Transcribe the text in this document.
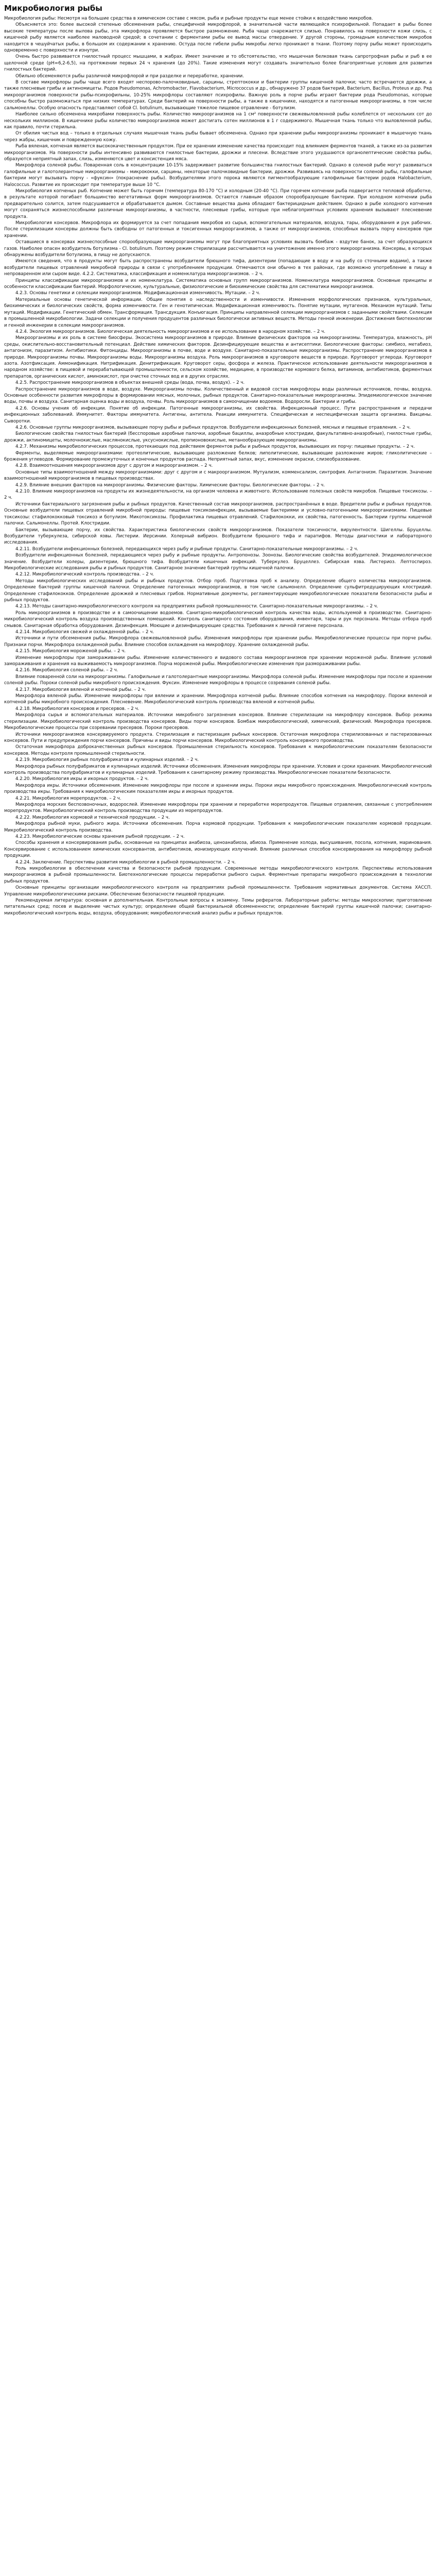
Микробиология рыбы

Микробиология рыбы: Несмотря на большие средства в химическом составе с мясом, рыба и рыбные продукты еще менее стойки к воздействию микробов.

Объясняется это: более высокой степенью обсеменения рыбы, специфичной микрофлорой, в значительной части являющейся психрофильной. Попадает в рыбы более высокие температуры после вылова рыбы, эта микрофлора проявляется быстрое размножение. Рыба чаще снарежается слизью. Понравилось на поверхности кожи слизь, с кишечной рыбу является наиболее маловодной средой; в сочетании с ферментами рыбы ее вывод массы отвердение. У другой стороны, громадным количеством микробов находится в чешуйчатых рыбы, в большом их содержании к хранению. Остуда после гибели рыбы микробы легко проникают в ткани. Поэтому порчу рыбы может происходить одновременно с поверхности и изнутри.

Очень быстро развивается гнилостный процесс мышцами, в жабрах. Имеет значение и то обстоятельство, что мышечная белковая ткань сапротрофная рыбы и рыб в ее щелочной среде (pH=6,2-6,5), на протяжении первых 24 ч хранения (до 20%). Такие изменения могут создавать значительно более благоприятные условия для развития гнилостных бактерий.

Обильно обсеменяются рыбы различной микрофлорой и при разделке и переработке, хранении.

В составе микрофлоры рыбы чаще всего входят неспорово-палочковидные, сарцины, стрептококки и бактерии группы кишечной палочки; часто встречаются дрожжи, а также плесневые грибы и актиномицеты. Родов Pseudomonas, Achromobacter, Flavobacterium, Micrococcus и др., обнаружено 37 родов бактерий, Bacterium, Bacillus, Proteus и др. Ряд микроорганизмов поверхности рыбы-психрофильны, 10-25% микрофлоры составляют психрофилы. Важную роль в порче рыбы играют бактерии рода Pseudomonas, которые способны быстро размножаться при низких температурах. Среди бактерий на поверхности рыбы, а также в кишечнике, находятся и патогенные микроорганизмы, в том числе сальмонеллы. Особую опасность представляют собой Cl. botulinum, вызывающие тяжелое пищевое отравление - ботулизм.

Наиболее сильно обсеменена микробами поверхность рыбы. Количество микроорганизмов на 1 см² поверхности свежевыловленной рыбы колеблется от нескольких сот до нескольких миллионов. В кишечнике рыбы количество микроорганизмов может достигать сотен миллионов в 1 г содержимого. Мышечная ткань только что выловленной рыбы, как правило, почти стерильна.

От обилия чистых вод – только в отдельных случаях мышечная ткань рыбы бывает обсеменена. Однако при хранении рыбы микроорганизмы проникают в мышечную ткань через жабры, кишечник и поврежденную кожу.

Рыба вяленая, копченая является высококачественным продуктом. При ее хранении изменение качества происходит под влиянием ферментов тканей, а также из-за развития микроорганизмов. На поверхности рыбы интенсивно развиваются гнилостные бактерии, дрожжи и плесени. Вследствие этого ухудшаются органолептические свойства рыбы, образуются неприятный запах, слизь, изменяются цвет и консистенция мяса.

Микрофлора соленой рыбы. Поваренная соль в концентрации 10-15% задерживает развитие большинства гнилостных бактерий. Однако в соленой рыбе могут развиваться галофильные и галотолерантные микроорганизмы - микрококки, сарцины, некоторые палочковидные бактерии, дрожжи. Развиваясь на поверхности соленой рыбы, галофильные бактерии могут вызывать порчу - «фуксин» (покраснение рыбы). Возбудителями этого порока являются пигментообразующие галофильные бактерии родов Halobacterium, Halococcus. Развитие их происходит при температуре выше 10 °С.

Микробиология копченых рыб. Копчение может быть горячим (температура 80-170 °С) и холодным (20-40 °С). При горячем копчении рыба подвергается тепловой обработке, в результате которой погибает большинство вегетативных форм микроорганизмов. Остаются главным образом спорообразующие бактерии. При холодном копчении рыба предварительно солится, затем подсушивается и обрабатывается дымом. Составные вещества дыма обладают бактерицидным действием. Однако в рыбе холодного копчения могут сохраняться жизнеспособными различные микроорганизмы, в частности, плесневые грибы, которые при неблагоприятных условиях хранения вызывают плесневение продукта.

Микробиология консервов. Микрофлора их формируется за счет попадания микробов из сырья, вспомогательных материалов, воздуха, тары, оборудования и рук рабочих. После стерилизации консервы должны быть свободны от патогенных и токсигенных микроорганизмов, а также от микроорганизмов, способных вызвать порчу консервов при хранении.

Оставшиеся в консервах жизнеспособные спорообразующие микроорганизмы могут при благоприятных условиях вызвать бомбаж - вздутие банок, за счет образующихся газов. Наиболее опасен возбудитель ботулизма - Cl. botulinum. Поэтому режим стерилизации рассчитывается на уничтожение именно этого микроорганизма. Консервы, в которых обнаружены возбудители ботулизма, в пищу не допускаются.

Имеются сведения, что в продукты могут быть распространены возбудители брюшного тифа, дизентерии (попадающие в воду и на рыбу со сточными водами), а также возбудители пищевых отравлений микробной природы в связи с употреблением продукции. Отмечаются они обычно в тех районах, где возможно употребление в пищу в непроваренном или сыром виде. 4.2.2. Систематика, классификация и номенклатура микроорганизмов. – 2 ч.

Принципы классификации микроорганизмов и их номенклатура. Систематика основных групп микроорганизмов. Номенклатура микроорганизмов. Основные принципы и особенности классификации бактерий. Морфологические, культуральные, физиологические и биохимические свойства для систематики микроорганизмов.

4.2.3. Основы генетики и селекции микроорганизмов. Модификационная изменчивость. Мутации. – 2 ч.

Материальные основы генетической информации. Общие понятия о наследственности и изменчивости. Изменения морфологических признаков, культуральных, биохимических и биологических свойств, форма изменчивости. Ген и генотипическая. Модификационная изменчивость. Понятие мутации, мутагенов. Механизм мутаций. Типы мутаций. Модификации. Генетический обмен. Трансформация. Трансдукция. Конъюгация. Принципы направленной селекции микроорганизмов с заданными свойствами. Селекция в промышленной микробиологии. Задачи селекции и получения продуцентов различных биологически активных веществ. Методы генной инженерии. Достижения биотехнологии и генной инженерии в селекции микроорганизмов.

4.2.4. Экология микроорганизмов. Биологическая деятельность микроорганизмов и ее использование в народном хозяйстве. – 2 ч.

Микроорганизмы и их роль в системе биосферы. Экосистема микроорганизмов в природе. Влияние физических факторов на микроорганизмы. Температура, влажность, pH среды, окислительно-восстановительный потенциал. Действие химических факторов. Дезинфицирующие вещества и антисептики. Биологические факторы: симбиоз, метабиоз, антагонизм, паразитизм. Антибиотики. Фитонциды. Микроорганизмы в почве, воде и воздухе. Санитарно-показательные микроорганизмы. Распространение микроорганизмов в природе. Микроорганизмы почвы. Микроорганизмы воды. Микроорганизмы воздуха. Роль микроорганизмов в круговороте веществ в природе. Круговорот углерода. Круговорот азота. Азотфиксация. Аммонификация. Нитрификация. Денитрификация. Круговорот серы, фосфора и железа. Практическое использование деятельности микроорганизмов в народном хозяйстве: в пищевой и перерабатывающей промышленности, сельском хозяйстве, медицине, в производстве кормового белка, витаминов, антибиотиков, ферментных препаратов, органических кислот, аминокислот, при очистке сточных вод и в других отраслях.

4.2.5. Распространение микроорганизмов в объектах внешней среды (вода, почва, воздух). – 2 ч.

Распространение микроорганизмов в воде, воздухе. Микроорганизмы почвы. Количественный и видовой состав микрофлоры воды различных источников, почвы, воздуха. Основные особенности развития микрофлоры в формировании мясных, молочных, рыбных продуктов. Санитарно-показательные микроорганизмы. Эпидемиологическое значение воды, почвы и воздуха. Санитарная оценка воды и воздуха, почвы. Роль микроорганизмов в самоочищении водоемов. Водоросли. Бактерии и грибы.

4.2.6. Основы учения об инфекции. Понятие об инфекции. Патогенные микроорганизмы, их свойства. Инфекционный процесс. Пути распространения и передачи инфекционных заболеваний. Иммунитет. Факторы иммунитета. Антигены, антитела. Реакции иммунитета. Специфическая и неспецифическая защита организма. Вакцины. Сыворотки.

4.2.6. Основные группы микроорганизмов, вызывающие порчу рыбы и рыбных продуктов. Возбудители инфекционных болезней, мясных и пищевые отравления. – 2 ч.

Биологические свойства гнилостных бактерий (бесспоровые аэробные палочки, аэробные бациллы, анаэробные клостридии, факультативно-анаэробные), гнилостные грибы, дрожжи, актиномицеты, молочнокислые, маслянокислые, уксуснокислые, пропионовокислые, метанообразующие микроорганизмы.

4.2.7. Механизмы микробиологических процессов, протекающих под действием ферментов рыбы и рыбных продуктов, вызывающих их порчу: пищевые продукты. – 2 ч.

Ферменты, выделяемые микроорганизмами: протеолитические, вызывающие разложение белков; липолитические, вызывающие разложение жиров; гликолитические – брожения углеводов. Формирование промежуточных и конечных продуктов распада. Неприятный запах, вкус, изменение окраски, слизеобразование.

4.2.8. Взаимоотношения микроорганизмов друг с другом и макроорганизмом. – 2 ч.

Основные типы взаимоотношений между микроорганизмами: друг с другом и с макроорганизмом. Мутуализм, комменсализм, синтрофия. Антагонизм. Паразитизм. Значение взаимоотношений микроорганизмов в пищевых производствах.

4.2.9. Влияние внешних факторов на микроорганизмы. Физические факторы. Химические факторы. Биологические факторы. – 2 ч.

4.2.10. Влияние микроорганизмов на продукты их жизнедеятельности, на организм человека и животного. Использование полезных свойств микробов. Пищевые токсикозы. – 2 ч.

Источники бактериального загрязнения рыбы и рыбных продуктов. Качественный состав микроорганизмов, распространённых в воде. Вредители рыбы и рыбных продуктов. Основные возбудители пищевых отравлений микробной природы: пищевые токсикоинфекции, вызываемые бактериями и условно-патогенными микроорганизмами. Пищевые токсикозы: стафилококковый токсикоз и ботулизм. Микотоксикозы. Профилактика пищевых отравлений. Стафилококки, их свойства, патогенность. Бактерии группы кишечной палочки. Сальмонеллы. Протей. Клостридии.

Бактерии, вызывающие порчу, их свойства. Характеристика биологических свойств микроорганизмов. Показатели токсичности, вирулентности. Шигеллы. Бруцеллы. Возбудители туберкулеза, сибирской язвы. Листерии. Иерсинии. Холерный вибрион. Возбудители брюшного тифа и паратифов. Методы диагностики и лабораторного исследования.

4.2.11. Возбудители инфекционных болезней, передающихся через рыбу и рыбные продукты. Санитарно-показательные микроорганизмы. – 2 ч.

Возбудители инфекционных болезней, передающиеся через рыбу и рыбные продукты. Антропонозы. Зоонозы. Биологические свойства возбудителей. Эпидемиологическое значение. Возбудители холеры, дизентерии, брюшного тифа. Возбудители кишечных инфекций. Туберкулез. Бруцеллез. Сибирская язва. Листериоз. Лептоспироз. Микробиологические исследования рыбы и рыбных продуктов. Санитарное значение бактерий группы кишечной палочки.

4.2.12. Микробиологический контроль производства. – 2 ч.

Методы микробиологических исследований рыбы и рыбных продуктов. Отбор проб. Подготовка проб к анализу. Определение общего количества микроорганизмов. Определение бактерий группы кишечной палочки. Определение патогенных микроорганизмов, в том числе сальмонелл. Определение сульфитредуцирующих клостридий. Определение стафилококков. Определение дрожжей и плесневых грибов. Нормативные документы, регламентирующие микробиологические показатели безопасности рыбы и рыбных продуктов.

4.2.13. Методы санитарно-микробиологического контроля на предприятиях рыбной промышленности. Санитарно-показательные микроорганизмы. – 2 ч.

Роль микроорганизмов в производстве и в самоочищении водоемов. Санитарно-микробиологический контроль качества воды, используемой в производстве. Санитарно-микробиологический контроль воздуха производственных помещений. Контроль санитарного состояния оборудования, инвентаря, тары и рук персонала. Методы отбора проб смывов. Санитарная обработка оборудования. Дезинфекция. Моющие и дезинфицирующие средства. Требования к личной гигиене персонала.

4.2.14. Микробиология свежей и охлажденной рыбы. – 2 ч.

Источники и пути обсеменения рыбы. Микрофлора свежевыловленной рыбы. Изменения микрофлоры при хранении рыбы. Микробиологические процессы при порче рыбы. Признаки порчи. Микрофлора охлажденной рыбы. Влияние способов охлаждения на микрофлору. Хранение охлажденной рыбы.

4.2.15. Микробиология мороженой рыбы. – 2 ч.

Изменение микрофлоры при замораживании рыбы. Изменение количественного и видового состава микроорганизмов при хранении мороженой рыбы. Влияние условий замораживания и хранения на выживаемость микроорганизмов. Порча мороженой рыбы. Микробиологические изменения при размораживании рыбы.

4.2.16. Микробиология соленой рыбы. – 2 ч.

Влияние поваренной соли на микроорганизмы. Галофильные и галотолерантные микроорганизмы. Микрофлора соленой рыбы. Изменение микрофлоры при посоле и хранении соленой рыбы. Пороки соленой рыбы микробного происхождения. Фуксин. Изменение микрофлоры в процессе созревания соленой рыбы.

4.2.17. Микробиология вяленой и копченой рыбы. – 2 ч.

Микрофлора вяленой рыбы. Изменение микрофлоры при вялении и хранении. Микрофлора копченой рыбы. Влияние способов копчения на микрофлору. Пороки вяленой и копченой рыбы микробного происхождения. Плесневение. Микробиологический контроль производства вяленой и копченой рыбы.

4.2.18. Микробиология консервов и пресервов. – 2 ч.

Микрофлора сырья и вспомогательных материалов. Источники микробного загрязнения консервов. Влияние стерилизации на микрофлору консервов. Выбор режима стерилизации. Микробиологический контроль производства консервов. Виды порчи консервов. Бомбаж микробиологический, химический, физический. Микрофлора пресервов. Микробиологические процессы при созревании пресервов. Пороки пресервов.

Источники микроорганизмов консервируемого продукта. Стерилизация и пастеризация рыбных консервов. Остаточная микрофлора стерилизованных и пастеризованных консервов. Пути и предупреждения порчи консервов. Причины и виды порчи консервов. Микробиологический контроль консервного производства.

Остаточная микрофлора доброкачественных рыбных консервов. Промышленная стерильность консервов. Требования к микробиологическим показателям безопасности консервов. Методы контроля промышленной стерильности.

4.2.19. Микробиология рыбных полуфабрикатов и кулинарных изделий. – 2 ч.

Микрофлора рыбных полуфабрикатов и кулинарных изделий. Источники обсеменения. Изменения микрофлоры при хранении. Условия и сроки хранения. Микробиологический контроль производства полуфабрикатов и кулинарных изделий. Требования к санитарному режиму производства. Микробиологические показатели безопасности.

4.2.20. Микробиология икры и икорных продуктов. – 2 ч.

Микрофлора икры. Источники обсеменения. Изменение микрофлоры при посоле и хранении икры. Пороки икры микробного происхождения. Микробиологический контроль производства икры. Требования к микробиологическим показателям икры и икорных продуктов.

4.2.21. Микробиология морепродуктов. – 2 ч.

Микрофлора морских беспозвоночных, водорослей. Изменение микрофлоры при хранении и переработке морепродуктов. Пищевые отравления, связанные с употреблением морепродуктов. Микробиологический контроль производства продукции из морепродуктов.

4.2.22. Микробиология кормовой и технической продукции. – 2 ч.

Микрофлора рыбной муки, рыбного жира. Источники обсеменения. Порча кормовой продукции. Требования к микробиологическим показателям кормовой продукции. Микробиологический контроль производства.

4.2.23. Микробиологические основы хранения рыбной продукции. – 2 ч.

Способы хранения и консервирования рыбы, основанные на принципах анабиоза, ценоанабиоза, абиоза. Применение холода, высушивания, посола, копчения, маринования. Консервирование с использованием химических консервантов, антибиотиков, ионизирующих излучений. Влияние различных способов консервирования на микрофлору рыбной продукции.

4.2.24. Заключение. Перспективы развития микробиологии в рыбной промышленности. – 2 ч.

Роль микробиологии в обеспечении качества и безопасности рыбной продукции. Современные методы микробиологического контроля. Перспективы использования микроорганизмов в рыбной промышленности. Биотехнологические процессы переработки рыбного сырья. Ферментные препараты микробного происхождения в технологии рыбных продуктов.

Основные принципы организации микробиологического контроля на предприятиях рыбной промышленности. Требования нормативных документов. Система ХАССП. Управление микробиологическими рисками. Обеспечение безопасности пищевой продукции.

Рекомендуемая литература: основная и дополнительная. Контрольные вопросы к экзамену. Темы рефератов. Лабораторные работы: методы микроскопии; приготовление питательных сред; посев и выделение чистых культур; определение общей бактериальной обсемененности; определение бактерий группы кишечной палочки; санитарно-микробиологический контроль воды, воздуха, оборудования; микробиологический анализ рыбы и рыбных продуктов.
